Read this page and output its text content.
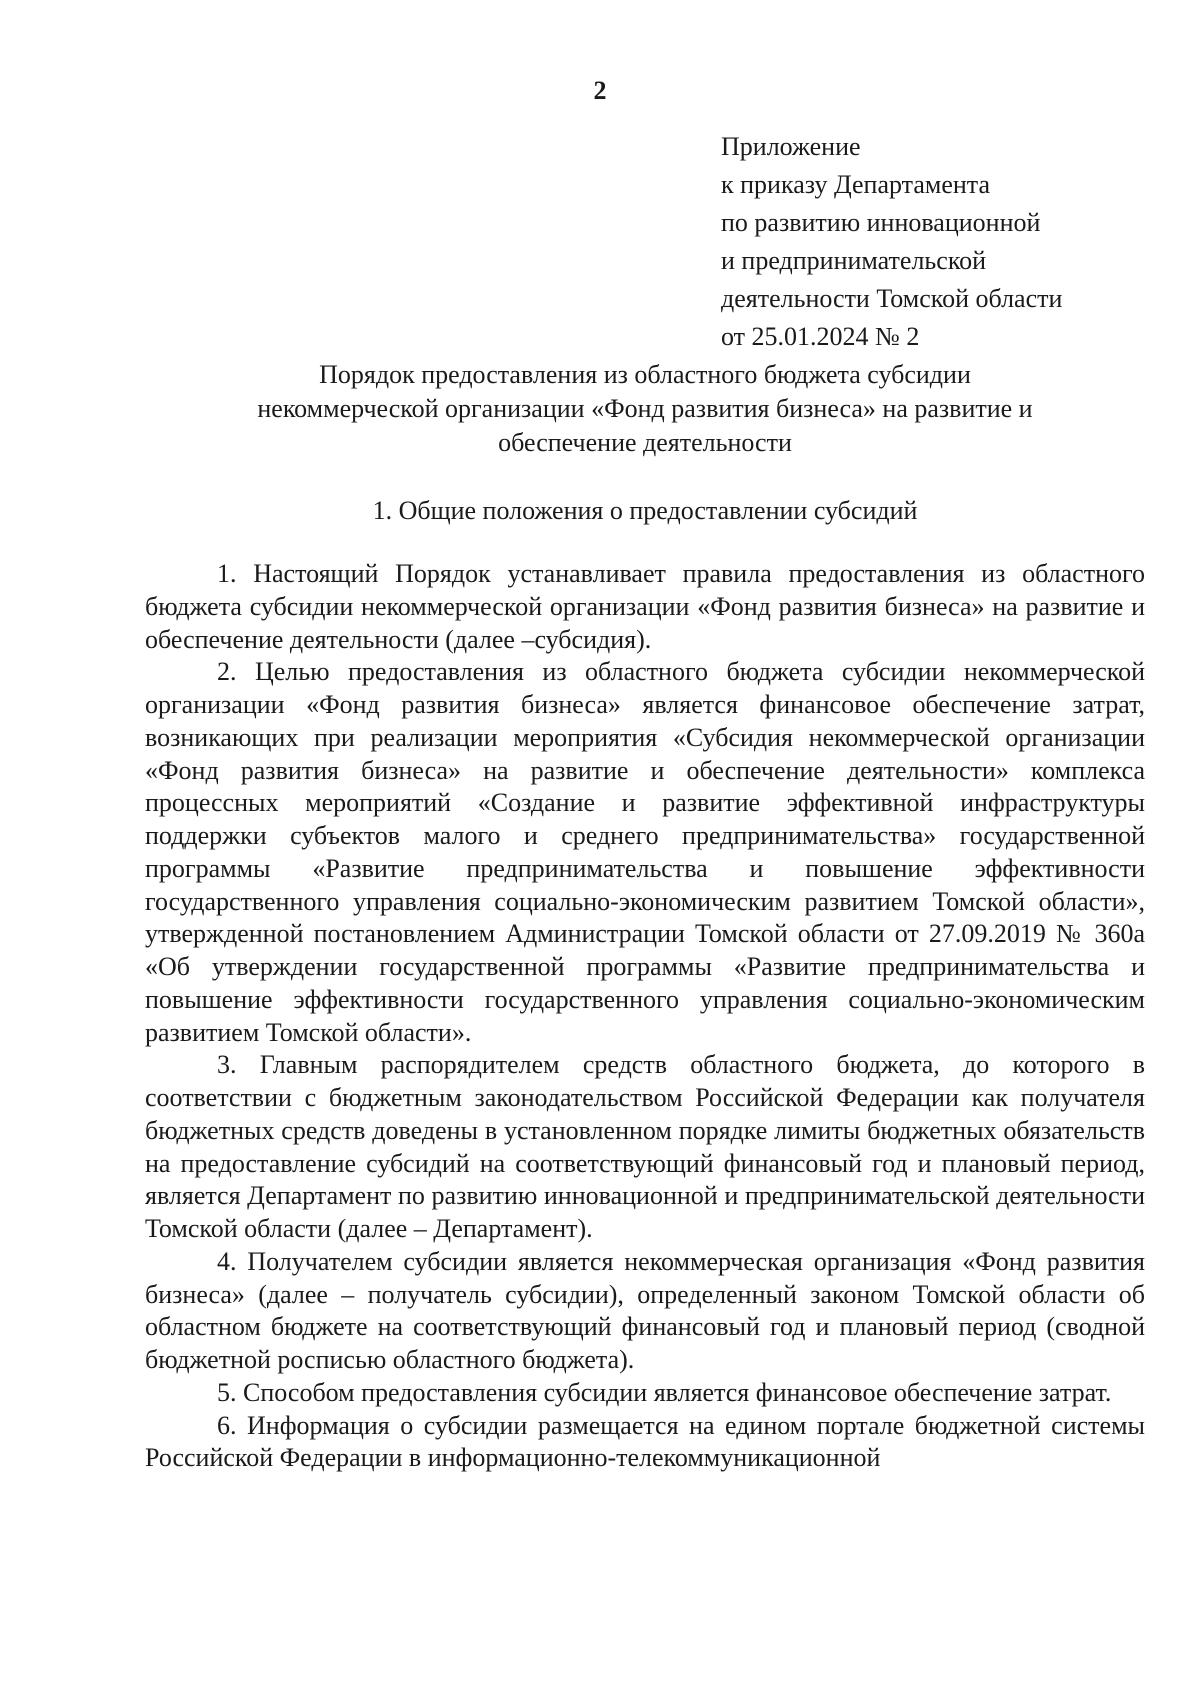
2
Приложение
к приказу Департамента
по развитию инновационной
и предпринимательской
деятельности Томской области
от 25.01.2024 № 2
Порядок предоставления из областного бюджета субсидии
некоммерческой организации «Фонд развития бизнеса» на развитие и
обеспечение деятельности
1. Общие положения о предоставлении субсидий

1. Настоящий Порядок устанавливает правила предоставления из областного бюджета субсидии некоммерческой организации «Фонд развития бизнеса» на развитие и обеспечение деятельности (далее –субсидия).

2. Целью предоставления из областного бюджета субсидии некоммерческой организации «Фонд развития бизнеса» является финансовое обеспечение затрат, возникающих при реализации мероприятия «Субсидия некоммерческой организации «Фонд развития бизнеса» на развитие и обеспечение деятельности» комплекса процессных мероприятий «Создание и развитие эффективной инфраструктуры поддержки субъектов малого и среднего предпринимательства» государственной программы «Развитие предпринимательства и повышение эффективности государственного управления социально-экономическим развитием Томской области», утвержденной постановлением Администрации Томской области от 27.09.2019 № 360а «Об утверждении государственной программы «Развитие предпринимательства и повышение эффективности государственного управления социально-экономическим развитием Томской области».

3. Главным распорядителем средств областного бюджета, до которого в соответствии с бюджетным законодательством Российской Федерации как получателя бюджетных средств доведены в установленном порядке лимиты бюджетных обязательств на предоставление субсидий на соответствующий финансовый год и плановый период, является Департамент по развитию инновационной и предпринимательской деятельности Томской области (далее – Департамент).

4. Получателем субсидии является некоммерческая организация «Фонд развития бизнеса» (далее – получатель субсидии), определенный законом Томской области об областном бюджете на соответствующий финансовый год и плановый период (сводной бюджетной росписью областного бюджета).

5. Способом предоставления субсидии является финансовое обеспечение затрат.

6. Информация о субсидии размещается на едином портале бюджетной системы Российской Федерации в информационно-телекоммуникационной
